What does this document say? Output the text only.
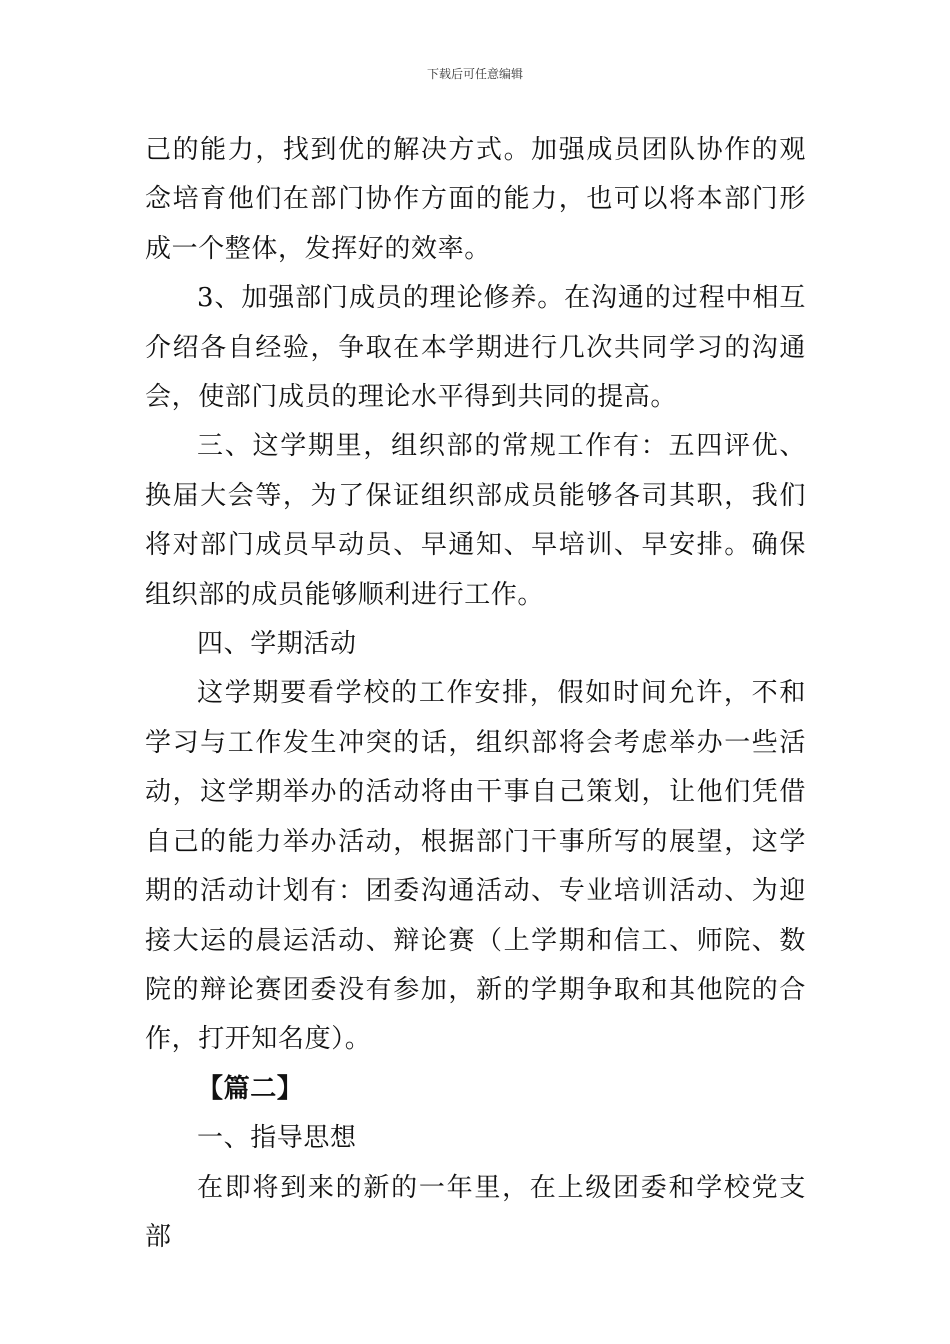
下载后可任意编辑

己的能力，找到优的解决方式。加强成员团队协作的观念培育他们在部门协作方面的能力，也可以将本部门形成一个整体，发挥好的效率。

3、加强部门成员的理论修养。在沟通的过程中相互介绍各自经验，争取在本学期进行几次共同学习的沟通会，使部门成员的理论水平得到共同的提高。

三、这学期里，组织部的常规工作有：五四评优、换届大会等，为了保证组织部成员能够各司其职，我们将对部门成员早动员、早通知、早培训、早安排。确保组织部的成员能够顺利进行工作。

四、学期活动

这学期要看学校的工作安排，假如时间允许，不和学习与工作发生冲突的话，组织部将会考虑举办一些活动，这学期举办的活动将由干事自己策划，让他们凭借自己的能力举办活动，根据部门干事所写的展望，这学期的活动计划有：团委沟通活动、专业培训活动、为迎接大运的晨运活动、辩论赛（上学期和信工、师院、数院的辩论赛团委没有参加，新的学期争取和其他院的合作，打开知名度）。

【篇二】

一、指导思想

在即将到来的新的一年里，在上级团委和学校党支部
